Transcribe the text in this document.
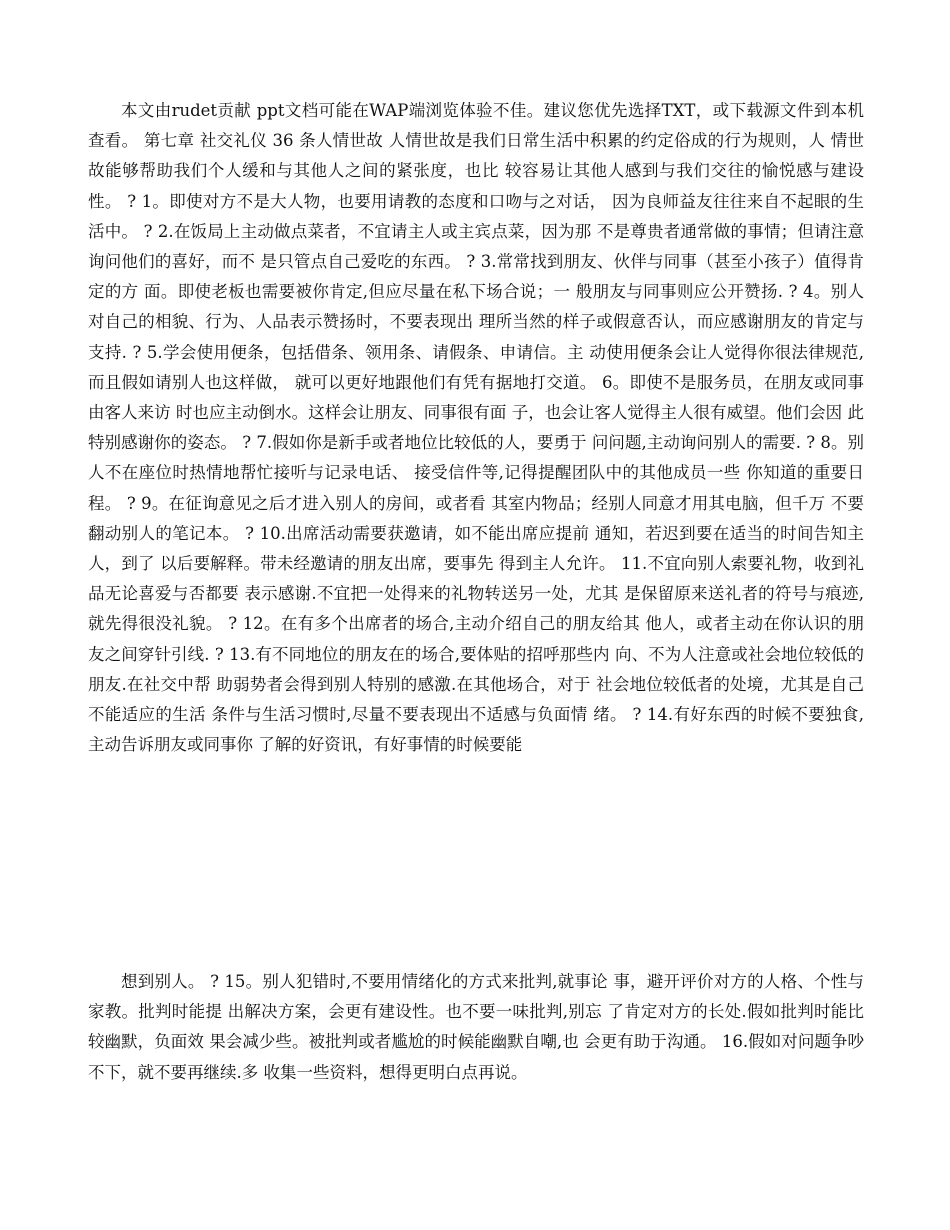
本文由rudet贡献 ppt文档可能在WAP端浏览体验不佳。建议您优先选择TXT，或下载源文件到本机查看。 第七章 社交礼仪 36 条人情世故 人情世故是我们日常生活中积累的约定俗成的行为规则，人 情世故能够帮助我们个人缓和与其他人之间的紧张度，也比 较容易让其他人感到与我们交往的愉悦感与建设性。 ? 1。即使对方不是大人物，也要用请教的态度和口吻与之对话， 因为良师益友往往来自不起眼的生活中。 ? 2.在饭局上主动做点菜者，不宜请主人或主宾点菜，因为那 不是尊贵者通常做的事情；但请注意询问他们的喜好，而不 是只管点自己爱吃的东西。 ? 3.常常找到朋友、伙伴与同事（甚至小孩子）值得肯定的方 面。即使老板也需要被你肯定,但应尽量在私下场合说；一 般朋友与同事则应公开赞扬. ? 4。别人对自己的相貌、行为、人品表示赞扬时，不要表现出 理所当然的样子或假意否认，而应感谢朋友的肯定与支持. ? 5.学会使用便条，包括借条、领用条、请假条、申请信。主 动使用便条会让人觉得你很法律规范,而且假如请别人也这样做， 就可以更好地跟他们有凭有据地打交道。 6。即使不是服务员，在朋友或同事由客人来访 时也应主动倒水。这样会让朋友、同事很有面 子，也会让客人觉得主人很有威望。他们会因 此特别感谢你的姿态。 ? 7.假如你是新手或者地位比较低的人，要勇于 问问题,主动询问别人的需要. ? 8。别人不在座位时热情地帮忙接听与记录电话、 接受信件等,记得提醒团队中的其他成员一些 你知道的重要日程。 ? 9。在征询意见之后才进入别人的房间，或者看 其室内物品；经别人同意才用其电脑，但千万 不要翻动别人的笔记本。 ? 10.出席活动需要获邀请，如不能出席应提前 通知，若迟到要在适当的时间告知主人，到了 以后要解释。带未经邀请的朋友出席，要事先 得到主人允许。 11.不宜向别人索要礼物，收到礼品无论喜爱与否都要 表示感谢.不宜把一处得来的礼物转送另一处，尤其 是保留原来送礼者的符号与痕迹,就先得很没礼貌。 ? 12。在有多个出席者的场合,主动介绍自己的朋友给其 他人，或者主动在你认识的朋友之间穿针引线. ? 13.有不同地位的朋友在的场合,要体贴的招呼那些内 向、不为人注意或社会地位较低的朋友.在社交中帮 助弱势者会得到别人特别的感激.在其他场合，对于 社会地位较低者的处境，尤其是自己不能适应的生活 条件与生活习惯时,尽量不要表现出不适感与负面情 绪。 ? 14.有好东西的时候不要独食,主动告诉朋友或同事你 了解的好资讯，有好事情的时候要能

想到别人。 ? 15。别人犯错时,不要用情绪化的方式来批判,就事论 事，避开评价对方的人格、个性与家教。批判时能提 出解决方案，会更有建设性。也不要一味批判,别忘 了肯定对方的长处.假如批判时能比较幽默，负面效 果会减少些。被批判或者尴尬的时候能幽默自嘲,也 会更有助于沟通。 16.假如对问题争吵不下，就不要再继续.多 收集一些资料，想得更明白点再说。
